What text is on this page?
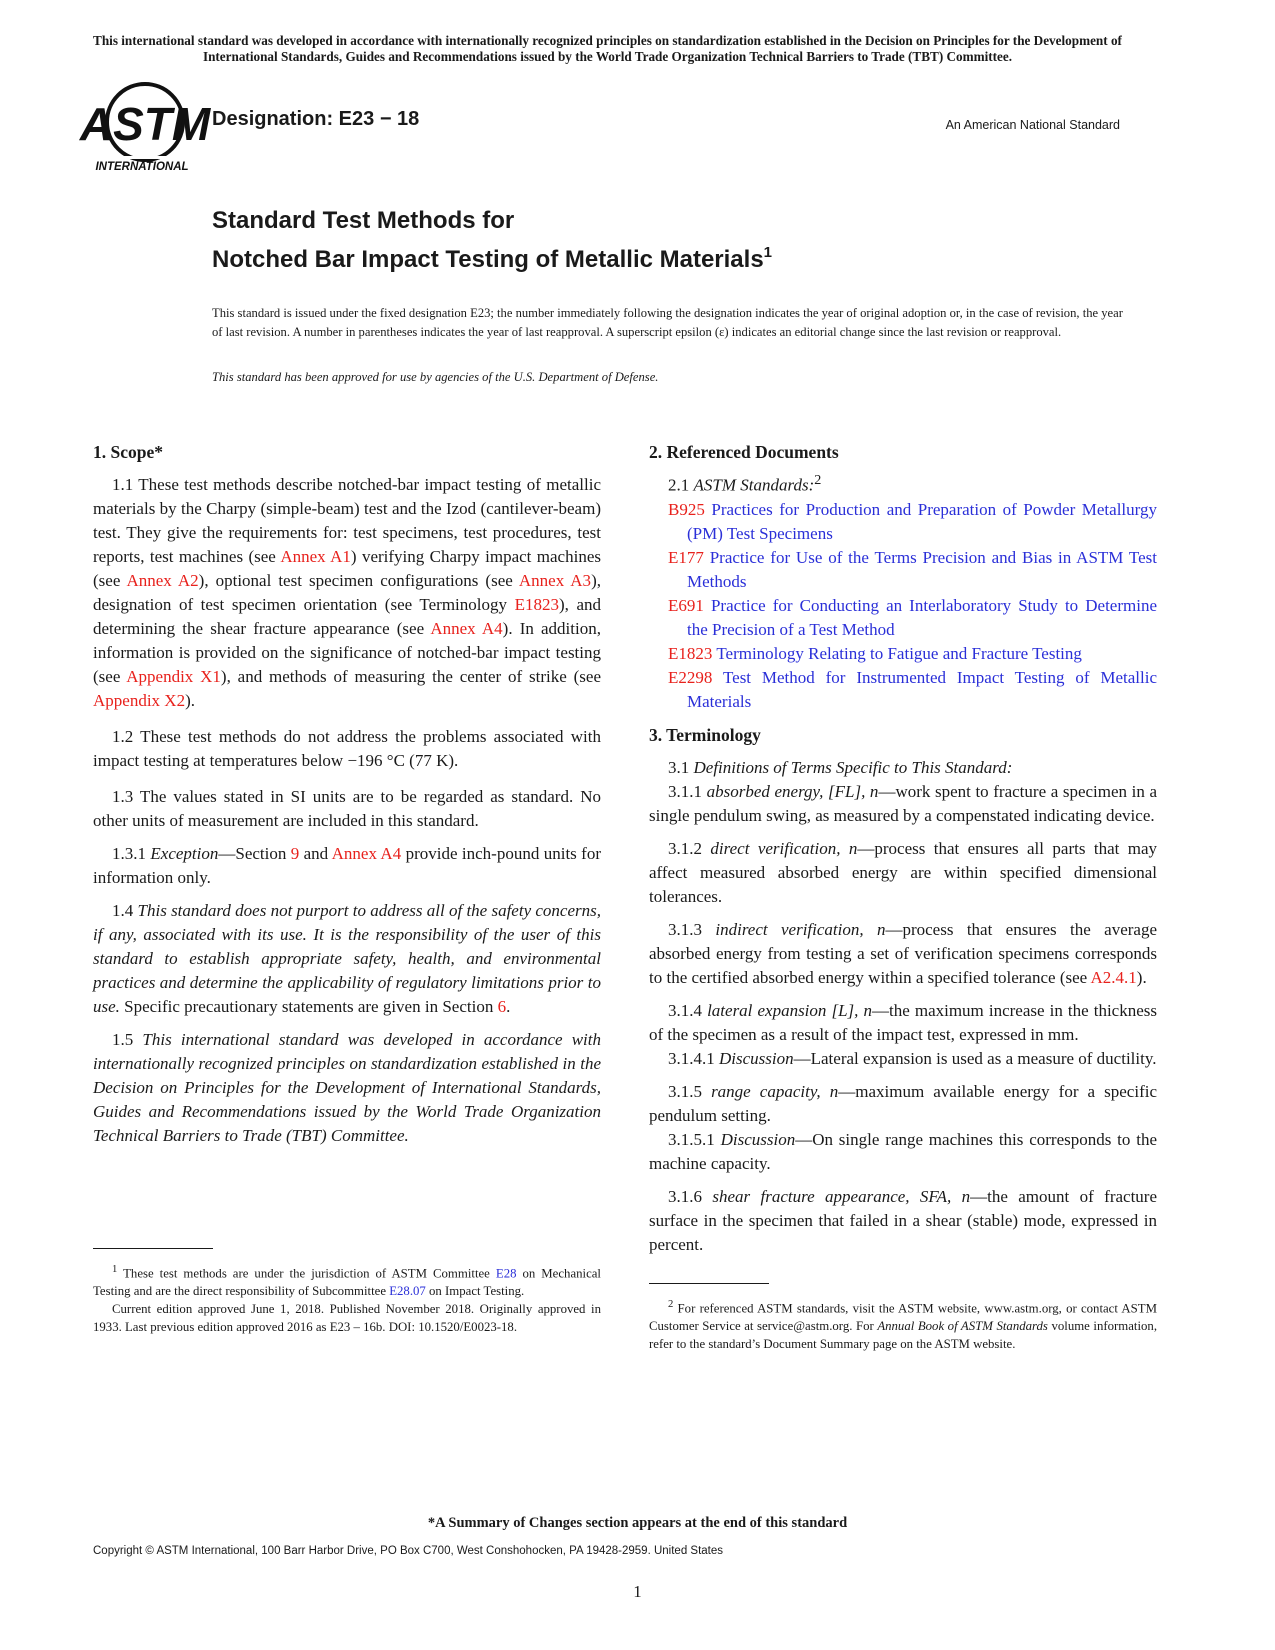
This international standard was developed in accordance with internationally recognized principles on standardization established in the Decision on Principles for the Development of International Standards, Guides and Recommendations issued by the World Trade Organization Technical Barriers to Trade (TBT) Committee.
ASTM
INTERNATIONAL
Designation: E23 − 18	An American National Standard
Standard Test Methods for
Notched Bar Impact Testing of Metallic Materials$^1$
This standard is issued under the fixed designation E23; the number immediately following the designation indicates the year of original adoption or, in the case of revision, the year of last revision. A number in parentheses indicates the year of last reapproval. A superscript epsilon (ε) indicates an editorial change since the last revision or reapproval.
This standard has been approved for use by agencies of the U.S. Department of Defense.

1. Scope*

1.1 These test methods describe notched-bar impact testing of metallic materials by the Charpy (simple-beam) test and the Izod (cantilever-beam) test. They give the requirements for: test specimens, test procedures, test reports, test machines (see Annex A1) verifying Charpy impact machines (see Annex A2), optional test specimen configurations (see Annex A3), designation of test specimen orientation (see Terminology E1823), and determining the shear fracture appearance (see Annex A4). In addition, information is provided on the significance of notched-bar impact testing (see Appendix X1), and methods of measuring the center of strike (see Appendix X2).

1.2 These test methods do not address the problems associated with impact testing at temperatures below −196 °C (77 K).

1.3 The values stated in SI units are to be regarded as standard. No other units of measurement are included in this standard.

1.3.1 Exception—Section 9 and Annex A4 provide inch-pound units for information only.

1.4 This standard does not purport to address all of the safety concerns, if any, associated with its use. It is the responsibility of the user of this standard to establish appropriate safety, health, and environmental practices and determine the applicability of regulatory limitations prior to use. Specific precautionary statements are given in Section 6.

1.5 This international standard was developed in accordance with internationally recognized principles on standardization established in the Decision on Principles for the Development of International Standards, Guides and Recommendations issued by the World Trade Organization Technical Barriers to Trade (TBT) Committee.

$^1$ These test methods are under the jurisdiction of ASTM Committee E28 on Mechanical Testing and are the direct responsibility of Subcommittee E28.07 on Impact Testing.

Current edition approved June 1, 2018. Published November 2018. Originally approved in 1933. Last previous edition approved 2016 as E23 – 16b. DOI: 10.1520/E0023-18.

2. Referenced Documents

2.1 ASTM Standards:$^2$

B925 Practices for Production and Preparation of Powder Metallurgy (PM) Test Specimens

E177 Practice for Use of the Terms Precision and Bias in ASTM Test Methods

E691 Practice for Conducting an Interlaboratory Study to Determine the Precision of a Test Method

E1823 Terminology Relating to Fatigue and Fracture Testing

E2298 Test Method for Instrumented Impact Testing of Metallic Materials

3. Terminology

3.1 Definitions of Terms Specific to This Standard:

3.1.1 absorbed energy, [FL], n—work spent to fracture a specimen in a single pendulum swing, as measured by a compenstated indicating device.

3.1.2 direct verification, n—process that ensures all parts that may affect measured absorbed energy are within specified dimensional tolerances.

3.1.3 indirect verification, n—process that ensures the average absorbed energy from testing a set of verification specimens corresponds to the certified absorbed energy within a specified tolerance (see A2.4.1).

3.1.4 lateral expansion [L], n—the maximum increase in the thickness of the specimen as a result of the impact test, expressed in mm.

3.1.4.1 Discussion—Lateral expansion is used as a measure of ductility.

3.1.5 range capacity, n—maximum available energy for a specific pendulum setting.

3.1.5.1 Discussion—On single range machines this corresponds to the machine capacity.

3.1.6 shear fracture appearance, SFA, n—the amount of fracture surface in the specimen that failed in a shear (stable) mode, expressed in percent.

$^2$ For referenced ASTM standards, visit the ASTM website, www.astm.org, or contact ASTM Customer Service at service@astm.org. For Annual Book of ASTM Standards volume information, refer to the standard’s Document Summary page on the ASTM website.

*A Summary of Changes section appears at the end of this standard
Copyright © ASTM International, 100 Barr Harbor Drive, PO Box C700, West Conshohocken, PA 19428-2959. United States
1
